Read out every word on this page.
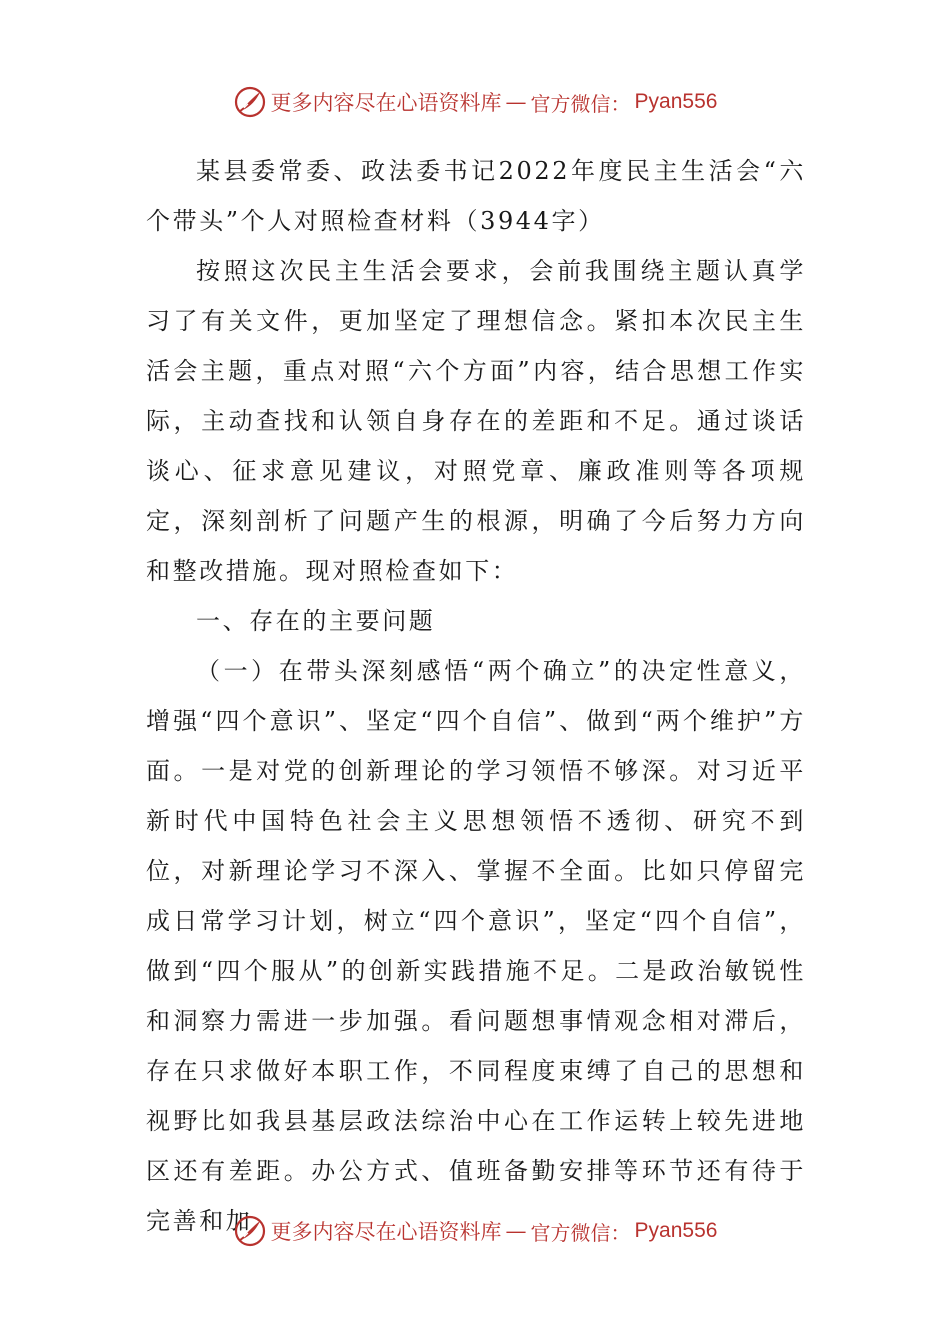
更多内容尽在心语资料库 — 官方微信： Pyan556

某县委常委、政法委书记2022年度民主生活会“六个带头”个人对照检查材料（3944字）

按照这次民主生活会要求，会前我围绕主题认真学习了有关文件，更加坚定了理想信念。紧扣本次民主生活会主题，重点对照“六个方面”内容，结合思想工作实际，主动查找和认领自身存在的差距和不足。通过谈话谈心、征求意见建议，对照党章、廉政准则等各项规定，深刻剖析了问题产生的根源，明确了今后努力方向和整改措施。现对照检查如下：

一、存在的主要问题

（一）在带头深刻感悟“两个确立”的决定性意义，增强“四个意识”、坚定“四个自信”、做到“两个维护”方面。一是对党的创新理论的学习领悟不够深。对习近平新时代中国特色社会主义思想领悟不透彻、研究不到位，对新理论学习不深入、掌握不全面。比如只停留完成日常学习计划，树立“四个意识”，坚定“四个自信”，做到“四个服从”的创新实践措施不足。二是政治敏锐性和洞察力需进一步加强。看问题想事情观念相对滞后，存在只求做好本职工作，不同程度束缚了自己的思想和视野比如我县基层政法综治中心在工作运转上较先进地区还有差距。办公方式、值班备勤安排等环节还有待于完善和加 更多内容尽在心语资料库 — 官方微信： Pyan556
